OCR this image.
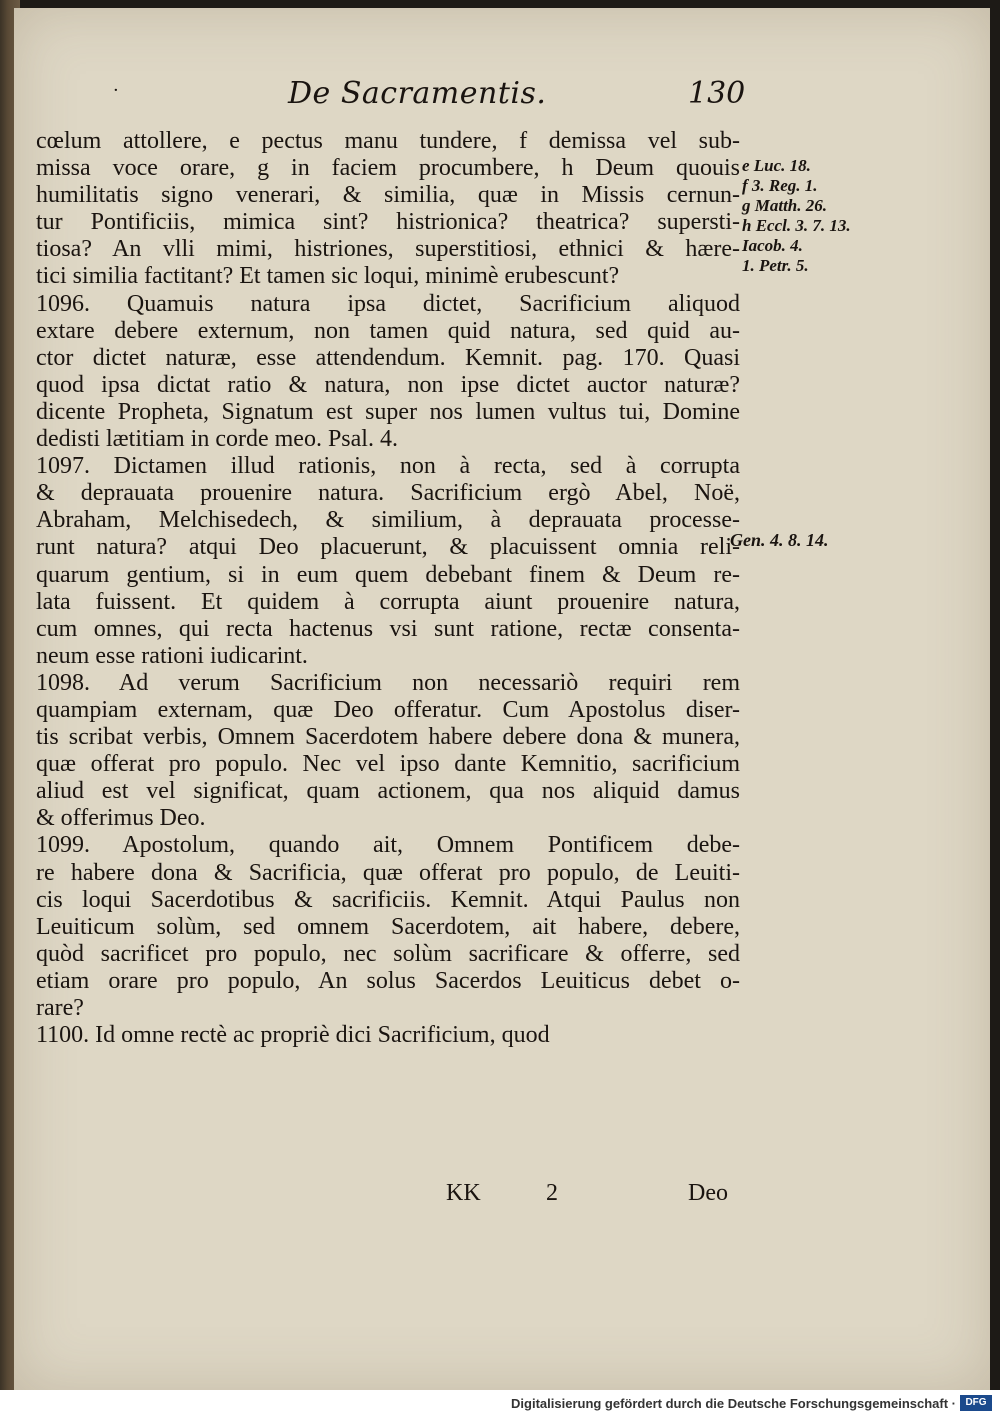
·	De Sacramentis.	130
cœlum attollere, e pectus manu tundere, f demissa vel sub-
missa voce orare, g in faciem procumbere, h Deum quouis
humilitatis signo venerari, & similia, quæ in Missis cernun-
tur Pontificiis, mimica sint? histrionica? theatrica? supersti-
tiosa? An vlli mimi, histriones, superstitiosi, ethnici & hære-
tici similia factitant? Et tamen sic loqui, minimè erubescunt?
1096. Quamuis natura ipsa dictet, Sacrificium aliquod
extare debere externum, non tamen quid natura, sed quid au-
ctor dictet naturæ, esse attendendum. Kemnit. pag. 170. Quasi
quod ipsa dictat ratio & natura, non ipse dictet auctor naturæ?
dicente Propheta, Signatum est super nos lumen vultus tui, Domine
dedisti lætitiam in corde meo. Psal. 4.
1097. Dictamen illud rationis, non à recta, sed à corrupta
& deprauata prouenire natura. Sacrificium ergò Abel, Noë,
Abraham, Melchisedech, & similium, à deprauata processe-
runt natura? atqui Deo placuerunt, & placuissent omnia reli-
quarum gentium, si in eum quem debebant finem & Deum re-
lata fuissent. Et quidem à corrupta aiunt prouenire natura,
cum omnes, qui recta hactenus vsi sunt ratione, rectæ consenta-
neum esse rationi iudicarint.
1098. Ad verum Sacrificium non necessariò requiri rem
quampiam externam, quæ Deo offeratur. Cum Apostolus diser-
tis scribat verbis, Omnem Sacerdotem habere debere dona & munera,
quæ offerat pro populo. Nec vel ipso dante Kemnitio, sacrificium
aliud est vel significat, quam actionem, qua nos aliquid damus
& offerimus Deo.
1099. Apostolum, quando ait, Omnem Pontificem debe-
re habere dona & Sacrificia, quæ offerat pro populo, de Leuiti-
cis loqui Sacerdotibus & sacrificiis. Kemnit. Atqui Paulus non
Leuiticum solùm, sed omnem Sacerdotem, ait habere, debere,
quòd sacrificet pro populo, nec solùm sacrificare & offerre, sed
etiam orare pro populo, An solus Sacerdos Leuiticus debet o-
rare?
1100. Id omne rectè ac propriè dici Sacrificium, quod
KK	2	Deo
e Luc. 18.
f 3. Reg. 1.
g Matth. 26.
h Eccl. 3. 7. 13.
Iacob. 4.
1. Petr. 5.
Gen. 4. 8. 14.
Digitalisierung gefördert durch die Deutsche Forschungsgemeinschaft · DFG
